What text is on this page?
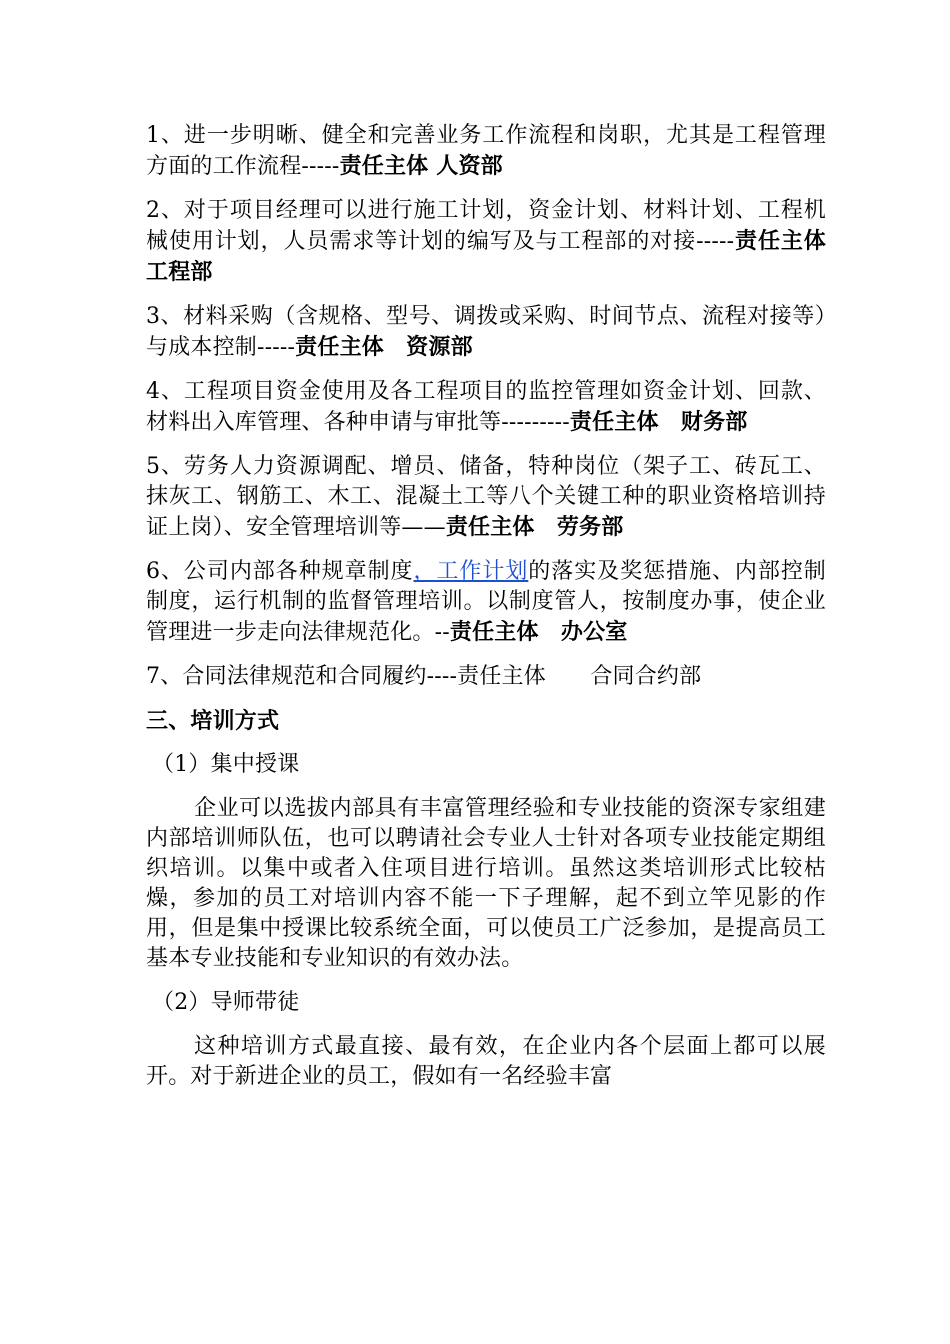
1、进一步明晰、健全和完善业务工作流程和岗职，尤其是工程管理方面的工作流程-----责任主体 人资部

2、对于项目经理可以进行施工计划，资金计划、材料计划、工程机械使用计划，人员需求等计划的编写及与工程部的对接-----责任主体　工程部

3、材料采购（含规格、型号、调拨或采购、时间节点、流程对接等）与成本控制-----责任主体　资源部

4、工程项目资金使用及各工程项目的监控管理如资金计划、回款、材料出入库管理、各种申请与审批等---------责任主体　财务部

5、劳务人力资源调配、增员、储备，特种岗位（架子工、砖瓦工、抹灰工、钢筋工、木工、混凝土工等八个关键工种的职业资格培训持证上岗）、安全管理培训等——责任主体　劳务部

6、公司内部各种规章制度，工作计划的落实及奖惩措施、内部控制制度，运行机制的监督管理培训。以制度管人，按制度办事，使企业管理进一步走向法律规范化。--责任主体　办公室

7、合同法律规范和合同履约----责任主体　　合同合约部

三、培训方式

（1）集中授课

企业可以选拔内部具有丰富管理经验和专业技能的资深专家组建内部培训师队伍，也可以聘请社会专业人士针对各项专业技能定期组织培训。以集中或者入住项目进行培训。虽然这类培训形式比较枯燥，参加的员工对培训内容不能一下子理解，起不到立竿见影的作用，但是集中授课比较系统全面，可以使员工广泛参加，是提高员工基本专业技能和专业知识的有效办法。

（2）导师带徒

这种培训方式最直接、最有效，在企业内各个层面上都可以展开。对于新进企业的员工，假如有一名经验丰富
